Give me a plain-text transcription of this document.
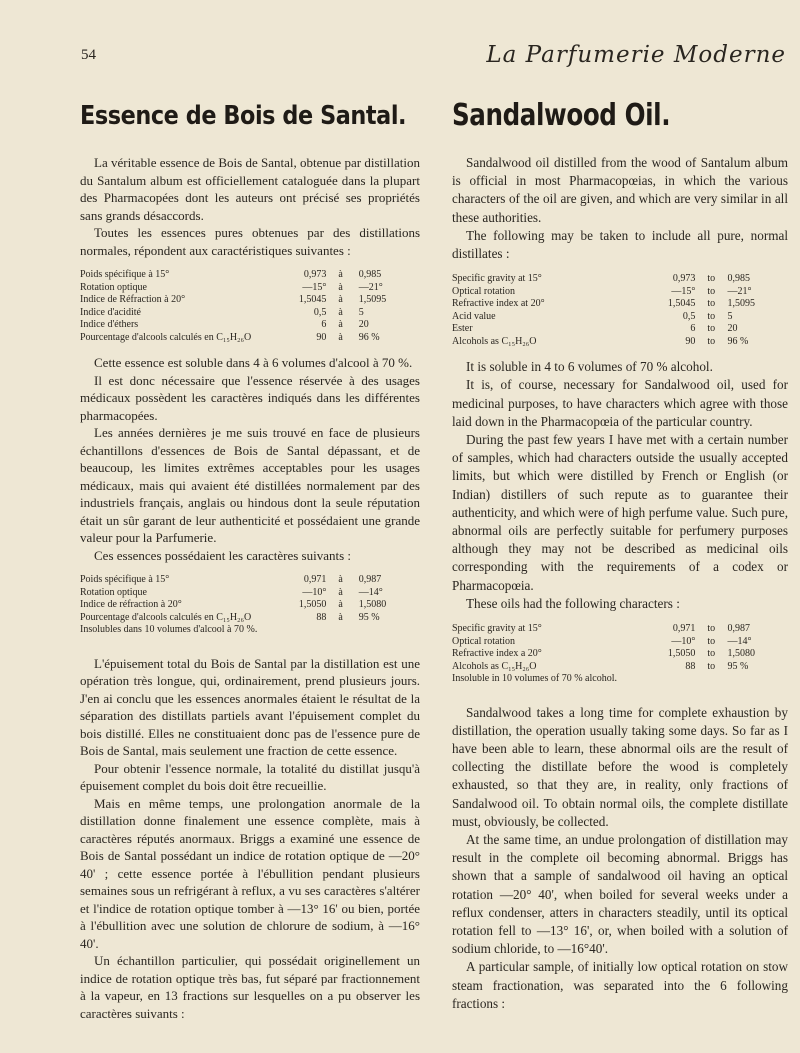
54	La Parfumerie Moderne
Essence de Bois de Santal.

La véritable essence de Bois de Santal, obtenue par distillation du Santalum album est officiellement cataloguée dans la plupart des Pharmacopées dont les auteurs ont précisé ses propriétés sans grands désaccords.

Toutes les essences pures obtenues par des distillations normales, répondent aux caractéristiques suivantes :

Poids spécifique à 15°	0,973	à	0,985
Rotation optique	—15°	à	—21°
Indice de Réfraction à 20°	1,5045	à	1,5095
Indice d'acidité	0,5	à	5
Indice d'éthers	6	à	20
Pourcentage d'alcools calculés en C₁₅H₂₆O	90	à	96 %

Cette essence est soluble dans 4 à 6 volumes d'alcool à 70 %.

Il est donc nécessaire que l'essence réservée à des usages médicaux possèdent les caractères indiqués dans les différentes pharmacopées.

Les années dernières je me suis trouvé en face de plusieurs échantillons d'essences de Bois de Santal dépassant, et de beaucoup, les limites extrêmes acceptables pour les usages médicaux, mais qui avaient été distillées normalement par des industriels français, anglais ou hindous dont la seule réputation était un sûr garant de leur authenticité et possédaient une grande valeur pour la Parfumerie.

Ces essences possédaient les caractères suivants :

Poids spécifique à 15°	0,971	à	0,987
Rotation optique	—10°	à	—14°
Indice de réfraction à 20°	1,5050	à	1,5080
Pourcentage d'alcools calculés en C₁₅H₂₆O	88	à	95 %
Insolubles dans 10 volumes d'alcool à 70 %.			

L'épuisement total du Bois de Santal par la distillation est une opération très longue, qui, ordinairement, prend plusieurs jours. J'en ai conclu que les essences anormales étaient le résultat de la séparation des distillats partiels avant l'épuisement complet du bois distillé. Elles ne constituaient donc pas de l'essence pure de Bois de Santal, mais seulement une fraction de cette essence.

Pour obtenir l'essence normale, la totalité du distillat jusqu'à épuisement complet du bois doit être recueillie.

Mais en même temps, une prolongation anormale de la distillation donne finalement une essence complète, mais à caractères réputés anormaux. Briggs a examiné une essence de Bois de Santal possédant un indice de rotation optique de —20° 40' ; cette essence portée à l'ébullition pendant plusieurs semaines sous un refrigérant à reflux, a vu ses caractères s'altérer et l'indice de rotation optique tomber à —13° 16' ou bien, portée à l'ébullition avec une solution de chlorure de sodium, à —16° 40'.

Un échantillon particulier, qui possédait originellement un indice de rotation optique très bas, fut séparé par fractionnement à la vapeur, en 13 fractions sur lesquelles on a pu observer les caractères suivants :

Sandalwood Oil.

Sandalwood oil distilled from the wood of Santalum album is official in most Pharmacopœias, in which the various characters of the oil are given, and which are very similar in all these authorities.

The following may be taken to include all pure, normal distillates :

Specific gravity at 15°	0,973	to	0,985
Optical rotation	—15°	to	—21°
Refractive index at 20°	1,5045	to	1,5095
Acid value	0,5	to	5
Ester	6	to	20
Alcohols as C₁₅H₂₆O	90	to	96 %

It is soluble in 4 to 6 volumes of 70 % alcohol.

It is, of course, necessary for Sandalwood oil, used for medicinal purposes, to have characters which agree with those laid down in the Pharmacopœia of the particular country.

During the past few years I have met with a certain number of samples, which had characters outside the usually accepted limits, but which were distilled by French or English (or Indian) distillers of such repute as to guarantee their authenticity, and which were of high perfume value. Such pure, abnormal oils are perfectly suitable for perfumery purposes although they may not be described as medicinal oils corresponding with the requirements of a codex or Pharmacopœia.

These oils had the following characters :

Specific gravity at 15°	0,971	to	0,987
Optical rotation	—10°	to	—14°
Refractive index a 20°	1,5050	to	1,5080
Alcohols as C₁₅H₂₆O	88	to	95 %
Insoluble in 10 volumes of 70 % alcohol.			

Sandalwood takes a long time for complete exhaustion by distillation, the operation usually taking some days. So far as I have been able to learn, these abnormal oils are the result of collecting the distillate before the wood is completely exhausted, so that they are, in reality, only fractions of Sandalwood oil. To obtain normal oils, the complete distillate must, obviously, be collected.

At the same time, an undue prolongation of distillation may result in the complete oil becoming abnormal. Briggs has shown that a sample of sandalwood oil having an optical rotation —20° 40', when boiled for several weeks under a reflux condenser, atters in characters steadily, until its optical rotation fell to —13° 16', or, when boiled with a solution of sodium chloride, to —16°40'.

A particular sample, of initially low optical rotation on stow steam fractionation, was separated into the 6 following fractions :
